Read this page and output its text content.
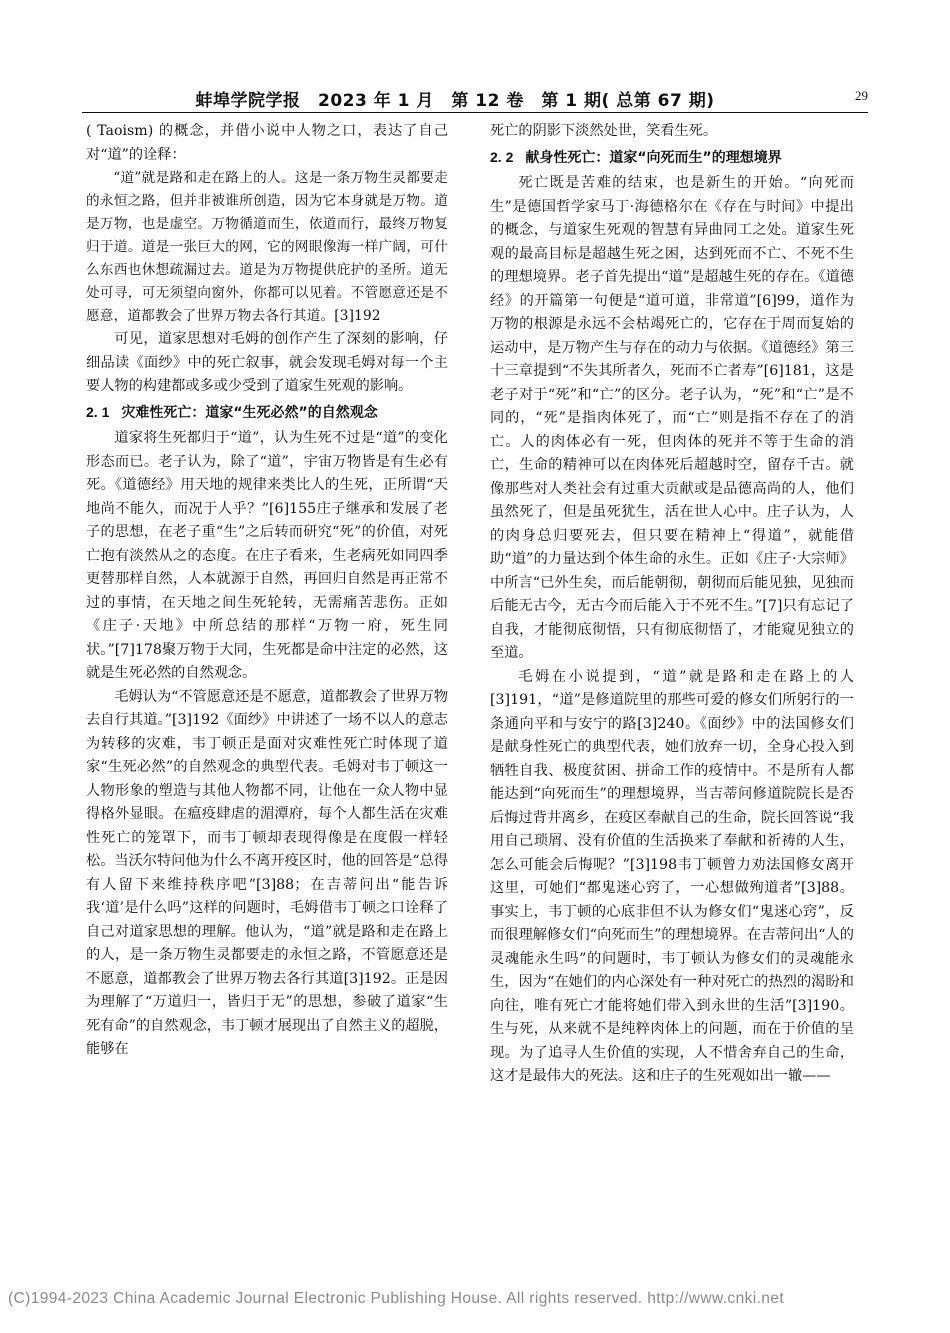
蚌埠学院学报　2023 年 1 月　第 12 卷　第 1 期( 总第 67 期)	29

( Taoism) 的概念，并借小说中人物之口，表达了自己对“道”的诠释：

“道”就是路和走在路上的人。这是一条万物生灵都要走的永恒之路，但并非被谁所创造，因为它本身就是万物。道是万物，也是虚空。万物循道而生，依道而行，最终万物复归于道。道是一张巨大的网，它的网眼像海一样广阔，可什么东西也休想疏漏过去。道是为万物提供庇护的圣所。道无处可寻，可无须望向窗外，你都可以见着。不管愿意还是不愿意，道都教会了世界万物去各行其道。[3]192

可见，道家思想对毛姆的创作产生了深刻的影响，仔细品读《面纱》中的死亡叙事，就会发现毛姆对每一个主要人物的构建都或多或少受到了道家生死观的影响。

2. 1 灾难性死亡：道家“生死必然”的自然观念

道家将生死都归于“道”，认为生死不过是“道”的变化形态而已。老子认为，除了“道”，宇宙万物皆是有生必有死。《道德经》用天地的规律来类比人的生死，正所谓“天地尚不能久，而况于人乎？”[6]155庄子继承和发展了老子的思想，在老子重“生”之后转而研究“死”的价值，对死亡抱有淡然从之的态度。在庄子看来，生老病死如同四季更替那样自然，人本就源于自然，再回归自然是再正常不过的事情，在天地之间生死轮转，无需痛苦悲伤。正如《庄子·天地》中所总结的那样“万物一府，死生同状。”[7]178聚万物于大同，生死都是命中注定的必然，这就是生死必然的自然观念。

毛姆认为“不管愿意还是不愿意，道都教会了世界万物去自行其道。”[3]192《面纱》中讲述了一场不以人的意志为转移的灾难，韦丁顿正是面对灾难性死亡时体现了道家“生死必然”的自然观念的典型代表。毛姆对韦丁顿这一人物形象的塑造与其他人物都不同，让他在一众人物中显得格外显眼。在瘟疫肆虐的湄潭府，每个人都生活在灾难性死亡的笼罩下，而韦丁顿却表现得像是在度假一样轻松。当沃尔特问他为什么不离开疫区时，他的回答是“总得有人留下来维持秩序吧”[3]88；在吉蒂问出“能告诉我‘道’是什么吗”这样的问题时，毛姆借韦丁顿之口诠释了自己对道家思想的理解。他认为，“道”就是路和走在路上的人，是一条万物生灵都要走的永恒之路，不管愿意还是不愿意，道都教会了世界万物去各行其道[3]192。正是因为理解了“万道归一，皆归于无”的思想，参破了道家“生死有命”的自然观念，韦丁顿才展现出了自然主义的超脱，能够在

死亡的阴影下淡然处世，笑看生死。

2. 2 献身性死亡：道家“向死而生”的理想境界

死亡既是苦难的结束，也是新生的开始。“向死而生”是德国哲学家马丁·海德格尔在《存在与时间》中提出的概念，与道家生死观的智慧有异曲同工之处。道家生死观的最高目标是超越生死之困，达到死而不亡、不死不生的理想境界。老子首先提出“道”是超越生死的存在。《道德经》的开篇第一句便是“道可道，非常道”[6]99，道作为万物的根源是永远不会枯竭死亡的，它存在于周而复始的运动中，是万物产生与存在的动力与依据。《道德经》第三十三章提到“不失其所者久，死而不亡者寿”[6]181，这是老子对于“死”和“亡”的区分。老子认为，“死”和“亡”是不同的，“死”是指肉体死了，而“亡”则是指不存在了的消亡。人的肉体必有一死，但肉体的死并不等于生命的消亡，生命的精神可以在肉体死后超越时空，留存千古。就像那些对人类社会有过重大贡献或是品德高尚的人，他们虽然死了，但是虽死犹生，活在世人心中。庄子认为，人的肉身总归要死去，但只要在精神上“得道”，就能借助“道”的力量达到个体生命的永生。正如《庄子·大宗师》中所言“已外生矣，而后能朝彻，朝彻而后能见独，见独而后能无古今，无古今而后能入于不死不生。”[7]只有忘记了自我，才能彻底彻悟，只有彻底彻悟了，才能窥见独立的至道。

毛姆在小说提到，“道”就是路和走在路上的人[3]191，“道”是修道院里的那些可爱的修女们所躬行的一条通向平和与安宁的路[3]240。《面纱》中的法国修女们是献身性死亡的典型代表，她们放弃一切，全身心投入到牺牲自我、极度贫困、拼命工作的疫情中。不是所有人都能达到“向死而生”的理想境界，当吉蒂问修道院院长是否后悔过背井离乡，在疫区奉献自己的生命，院长回答说“我用自己琐屑、没有价值的生活换来了奉献和祈祷的人生，怎么可能会后悔呢？”[3]198韦丁顿曾力劝法国修女离开这里，可她们“都鬼迷心窍了，一心想做殉道者”[3]88。事实上，韦丁顿的心底非但不认为修女们“鬼迷心窍”，反而很理解修女们“向死而生”的理想境界。在吉蒂问出“人的灵魂能永生吗”的问题时，韦丁顿认为修女们的灵魂能永生，因为“在她们的内心深处有一种对死亡的热烈的渴盼和向往，唯有死亡才能将她们带入到永世的生活”[3]190。生与死，从来就不是纯粹肉体上的问题，而在于价值的呈现。为了追寻人生价值的实现，人不惜舍弃自己的生命，这才是最伟大的死法。这和庄子的生死观如出一辙——

(C)1994-2023 China Academic Journal Electronic Publishing House. All rights reserved. http://www.cnki.net
